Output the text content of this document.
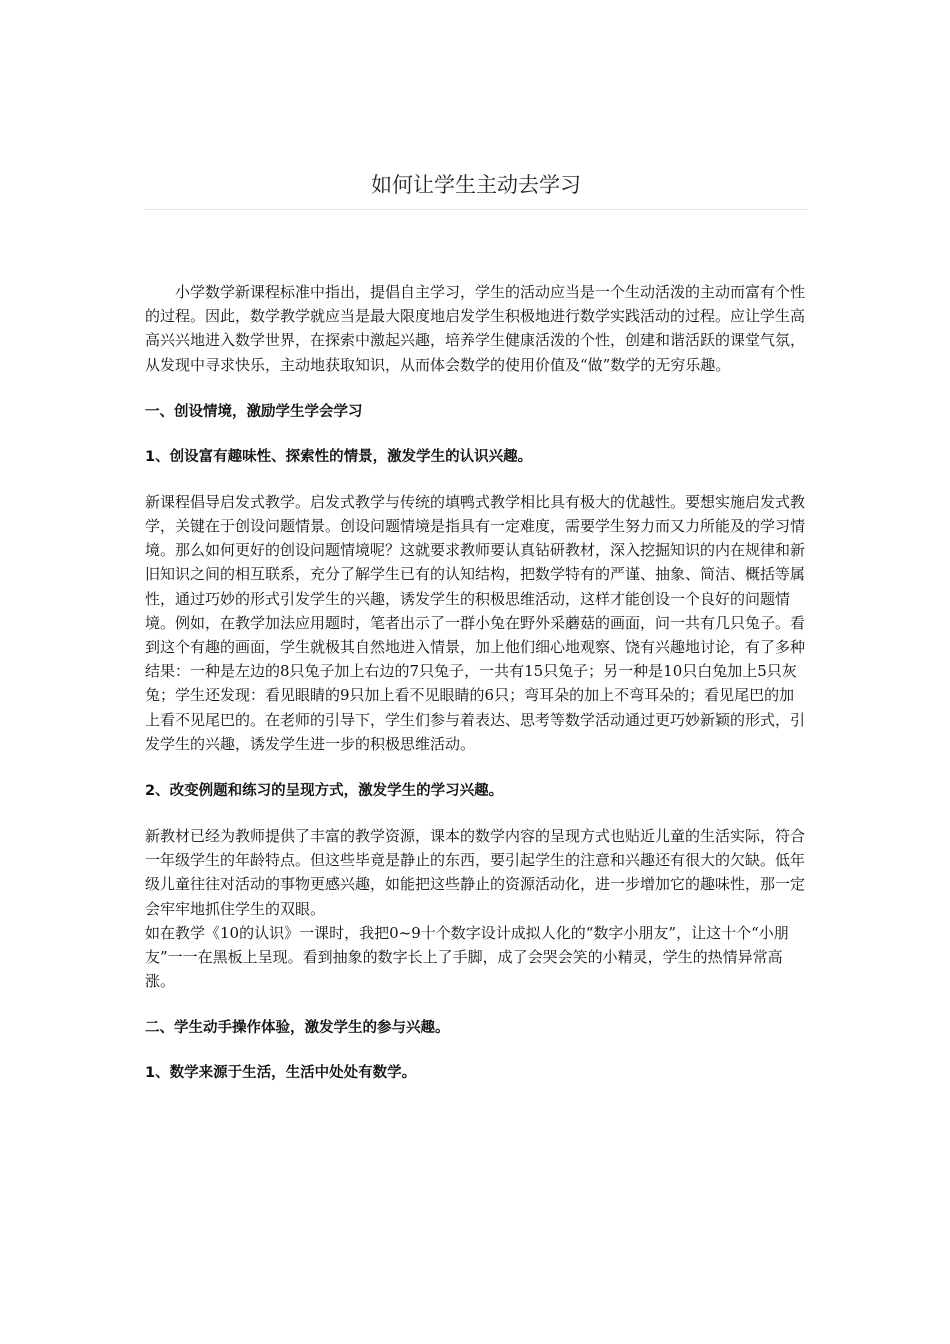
如何让学生主动去学习

小学数学新课程标准中指出，提倡自主学习，学生的活动应当是一个生动活泼的主动而富有个性的过程。因此，数学教学就应当是最大限度地启发学生积极地进行数学实践活动的过程。应让学生高高兴兴地进入数学世界，在探索中激起兴趣，培养学生健康活泼的个性，创建和谐活跃的课堂气氛，从发现中寻求快乐，主动地获取知识，从而体会数学的使用价值及“做”数学的无穷乐趣。

一、创设情境，激励学生学会学习

1、创设富有趣味性、探索性的情景，激发学生的认识兴趣。

新课程倡导启发式教学。启发式教学与传统的填鸭式教学相比具有极大的优越性。要想实施启发式教学，关键在于创设问题情景。创设问题情境是指具有一定难度，需要学生努力而又力所能及的学习情境。那么如何更好的创设问题情境呢？这就要求教师要认真钻研教材，深入挖掘知识的内在规律和新旧知识之间的相互联系，充分了解学生已有的认知结构，把数学特有的严谨、抽象、简洁、概括等属性，通过巧妙的形式引发学生的兴趣，诱发学生的积极思维活动，这样才能创设一个良好的问题情境。例如，在教学加法应用题时，笔者出示了一群小兔在野外采蘑菇的画面，问一共有几只兔子。看到这个有趣的画面，学生就极其自然地进入情景，加上他们细心地观察、饶有兴趣地讨论，有了多种结果：一种是左边的8只兔子加上右边的7只兔子，一共有15只兔子；另一种是10只白兔加上5只灰兔；学生还发现：看见眼睛的9只加上看不见眼睛的6只；弯耳朵的加上不弯耳朵的；看见尾巴的加上看不见尾巴的。在老师的引导下，学生们参与着表达、思考等数学活动通过更巧妙新颖的形式，引发学生的兴趣，诱发学生进一步的积极思维活动。

2、改变例题和练习的呈现方式，激发学生的学习兴趣。

新教材已经为教师提供了丰富的教学资源，课本的数学内容的呈现方式也贴近儿童的生活实际，符合一年级学生的年龄特点。但这些毕竟是静止的东西，要引起学生的注意和兴趣还有很大的欠缺。低年级儿童往往对活动的事物更感兴趣，如能把这些静止的资源活动化，进一步增加它的趣味性，那一定会牢牢地抓住学生的双眼。

如在教学《10的认识》一课时，我把0~9十个数字设计成拟人化的“数字小朋友”，让这十个“小朋友”一一在黑板上呈现。看到抽象的数字长上了手脚，成了会哭会笑的小精灵，学生的热情异常高涨。

二、学生动手操作体验，激发学生的参与兴趣。

1、数学来源于生活，生活中处处有数学。
